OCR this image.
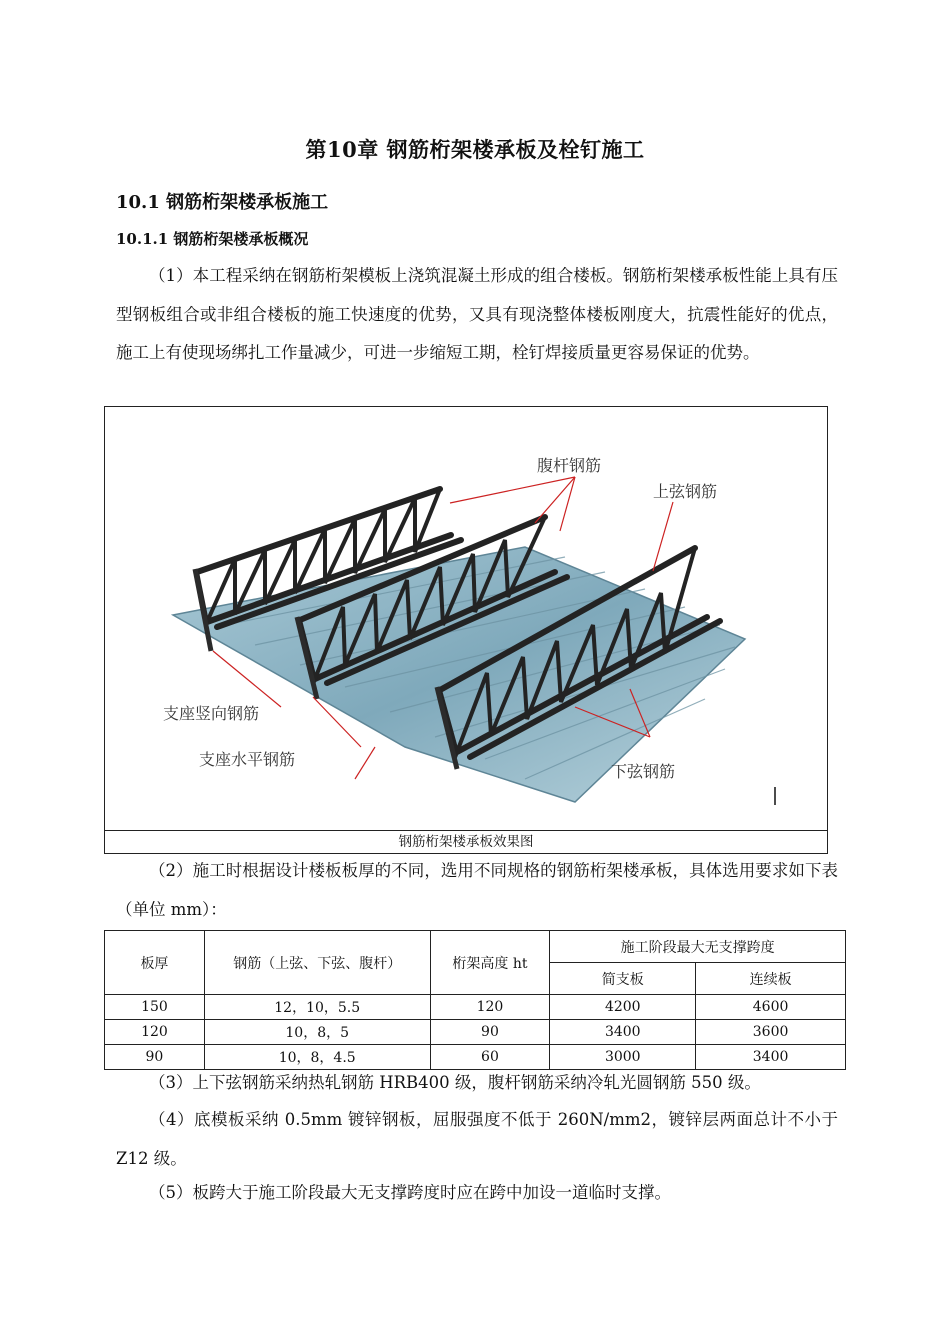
第10章 钢筋桁架楼承板及栓钉施工
10.1 钢筋桁架楼承板施工
10.1.1 钢筋桁架楼承板概况
（1）本工程采纳在钢筋桁架模板上浇筑混凝土形成的组合楼板。钢筋桁架楼承板性能上具有压型钢板组合或非组合楼板的施工快速度的优势，又具有现浇整体楼板刚度大，抗震性能好的优点，施工上有使现场绑扎工作量减少，可进一步缩短工期，栓钉焊接质量更容易保证的优势。
腹杆钢筋
上弦钢筋
支座竖向钢筋
支座水平钢筋
下弦钢筋
钢筋桁架楼承板效果图
（2）施工时根据设计楼板板厚的不同，选用不同规格的钢筋桁架楼承板，具体选用要求如下表（单位 mm）：
板厚	钢筋（上弦、下弦、腹杆）	桁架高度 ht	施工阶段最大无支撑跨度	
			简支板	连续板
150	12，10，5.5	120	4200	4600
120	10，8，5	90	3400	3600
90	10，8，4.5	60	3000	3400
（3）上下弦钢筋采纳热轧钢筋 HRB400 级，腹杆钢筋采纳冷轧光圆钢筋 550 级。
（4）底模板采纳 0.5mm 镀锌钢板，屈服强度不低于 260N/mm2，镀锌层两面总计不小于 Z12 级。
（5）板跨大于施工阶段最大无支撑跨度时应在跨中加设一道临时支撑。
